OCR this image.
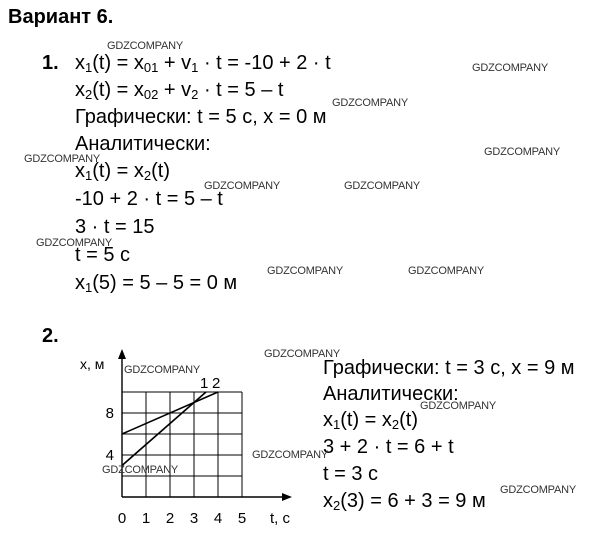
Вариант 6.
1. $x_1(t) = x_{01} + v_1 \cdot t = -10 + 2 \cdot t$
$x_2(t) = x_{02} + v_2 \cdot t = 5 - t$
Графически: t = 5 с, x = 0 м
Аналитически:
$x_1(t) = x_2(t)$
-10 + 2 · t = 5 – t
3 · t = 15
t = 5 с
$x_1(5) = 5 - 5 = 0$ м
2.
1 2
0 1 2 3 4 5
4
8
x, м
t, с
Графически: t = 3 с, x = 9 м
Аналитически:
$x_1(t) = x_2(t)$
3 + 2 · t = 6 + t
t = 3 с
$x_2(3) = 6 + 3 = 9$ м
GDZCOMPANY
GDZCOMPANY
GDZCOMPANY
GDZCOMPANY
GDZCOMPANY
GDZCOMPANY	GDZCOMPANY
GDZCOMPANY
GDZCOMPANY	GDZCOMPANY
GDZCOMPANY
GDZCOMPANY
GDZCOMPANY
GDZCOMPANY
GDZCOMPANY
GDZCOMPANY
